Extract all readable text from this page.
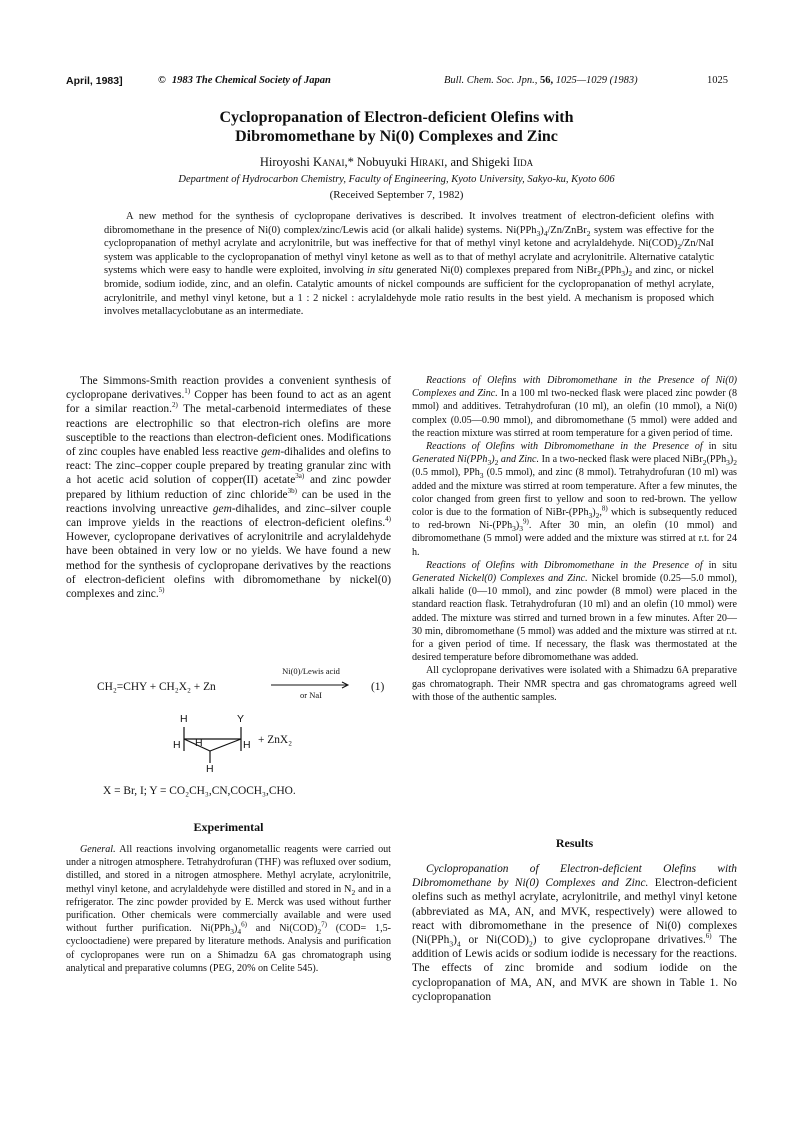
April, 1983]	© 1983 The Chemical Society of Japan	Bull. Chem. Soc. Jpn., 56, 1025—1029 (1983)	1025
Cyclopropanation of Electron-deficient Olefins with
Dibromomethane by Ni(0) Complexes and Zinc
Hiroyoshi Kanai,* Nobuyuki Hiraki, and Shigeki Iida
Department of Hydrocarbon Chemistry, Faculty of Engineering, Kyoto University, Sakyo-ku, Kyoto 606
(Received September 7, 1982)

A new method for the synthesis of cyclopropane derivatives is described. It involves treatment of electron-deficient olefins with dibromomethane in the presence of Ni(0) complex/zinc/Lewis acid (or alkali halide) systems. $Ni(PPh_3)_4/Zn/ZnBr_2$ system was effective for the cyclopropanation of methyl acrylate and acrylonitrile, but was ineffective for that of methyl vinyl ketone and acrylaldehyde. $Ni(COD)_2/Zn$/NaI system was applicable to the cyclopropanation of methyl vinyl ketone as well as to that of methyl acrylate and acrylonitrile. Alternative catalytic systems which were easy to handle were exploited, involving in situ generated Ni(0) complexes prepared from $NiBr_2(PPh_3)_2$ and zinc, or nickel bromide, sodium iodide, zinc, and an olefin. Catalytic amounts of nickel compounds are sufficient for the cyclopropanation of methyl acrylate, acrylonitrile, and methyl vinyl ketone, but a 1 : 2 nickel : acrylaldehyde mole ratio results in the best yield. A mechanism is proposed which involves metallacyclobutane as an intermediate.

The Simmons-Smith reaction provides a convenient synthesis of cyclopropane derivatives.$^{1)}$ Copper has been found to act as an agent for a similar reaction.$^{2)}$ The metal-carbenoid intermediates of these reactions are electrophilic so that electron-rich olefins are more susceptible to the reactions than electron-deficient ones. Modifications of zinc couples have enabled less reactive gem-dihalides and olefins to react: The zinc–copper couple prepared by treating granular zinc with a hot acetic acid solution of copper(II) acetate$^{3a)}$ and zinc powder prepared by lithium reduction of zinc chloride$^{3b)}$ can be used in the reactions involving unreactive gem-dihalides, and zinc–silver couple can improve yields in the reactions of electron-deficient olefins.$^{4)}$ However, cyclopropane derivatives of acrylonitrile and acrylaldehyde have been obtained in very low or no yields. We have found a new method for the synthesis of cyclopropane derivatives by the reactions of electron-deficient olefins with dibromomethane by nickel(0) complexes and zinc.$^{5)}$

CH₂=CHY + CH₂X₂ + Zn
Ni(0)/Lewis acid
or NaI
(1)
H	Y
H H	H
H
+ ZnX₂
X = Br, I; Y = CO₂CH₃,CN,COCH₃,CHO.
Experimental

General. All reactions involving organometallic reagents were carried out under a nitrogen atmosphere. Tetrahydrofuran (THF) was refluxed over sodium, distilled, and stored in a nitrogen atmosphere. Methyl acrylate, acrylonitrile, methyl vinyl ketone, and acrylaldehyde were distilled and stored in $N_2$ and in a refrigerator. The zinc powder provided by E. Merck was used without further purification. Other chemicals were commercially available and were used without further purification. $Ni(PPh_3)_4^{6)}$ and $Ni(COD)_2^{7)}$ (COD= 1,5-cyclooctadiene) were prepared by literature methods. Analysis and purification of cyclopropanes were run on a Shimadzu 6A gas chromatograph using analytical and preparative columns (PEG, 20% on Celite 545).

Reactions of Olefins with Dibromomethane in the Presence of Ni(0) Complexes and Zinc. In a 100 ml two-necked flask were placed zinc powder (8 mmol) and additives. Tetrahydrofuran (10 ml), an olefin (10 mmol), a Ni(0) complex (0.05—0.90 mmol), and dibromomethane (5 mmol) were added and the reaction mixture was stirred at room temperature for a given period of time.

Reactions of Olefins with Dibromomethane in the Presence of in situ Generated $Ni(PPh_3)_2$ and Zinc. In a two-necked flask were placed $NiBr_2(PPh_3)_2$ (0.5 mmol), PPh$_3$ (0.5 mmol), and zinc (8 mmol). Tetrahydrofuran (10 ml) was added and the mixture was stirred at room temperature. After a few minutes, the color changed from green first to yellow and soon to red-brown. The yellow color is due to the formation of NiBr-$(PPh_3)_2,^{8)}$ which is subsequently reduced to red-brown $Ni-(PPh_3)_3^{9)}$. After 30 min, an olefin (10 mmol) and dibromomethane (5 mmol) were added and the mixture was stirred at r.t. for 24 h.

Reactions of Olefins with Dibromomethane in the Presence of in situ Generated Nickel(0) Complexes and Zinc. Nickel bromide (0.25—5.0 mmol), alkali halide (0—10 mmol), and zinc powder (8 mmol) were placed in the standard reaction flask. Tetrahydrofuran (10 ml) and an olefin (10 mmol) were added. The mixture was stirred and turned brown in a few minutes. After 20—30 min, dibromomethane (5 mmol) was added and the mixture was stirred at r.t. for a given period of time. If necessary, the flask was thermostated at the desired temperature before dibromomethane was added.

All cyclopropane derivatives were isolated with a Shimadzu 6A preparative gas chromatograph. Their NMR spectra and gas chromatograms agreed well with those of the authentic samples.

Results

Cyclopropanation of Electron-deficient Olefins with Dibromomethane by Ni(0) Complexes and Zinc. Electron-deficient olefins such as methyl acrylate, acrylonitrile, and methyl vinyl ketone (abbreviated as MA, AN, and MVK, respectively) were allowed to react with dibromomethane in the presence of Ni(0) complexes ($Ni(PPh_3)_4$ or $Ni(COD)_2$) to give cyclopropane drivatives.$^{6)}$ The addition of Lewis acids or sodium iodide is necessary for the reactions. The effects of zinc bromide and sodium iodide on the cyclopropanation of MA, AN, and MVK are shown in Table 1. No cyclopropanation
